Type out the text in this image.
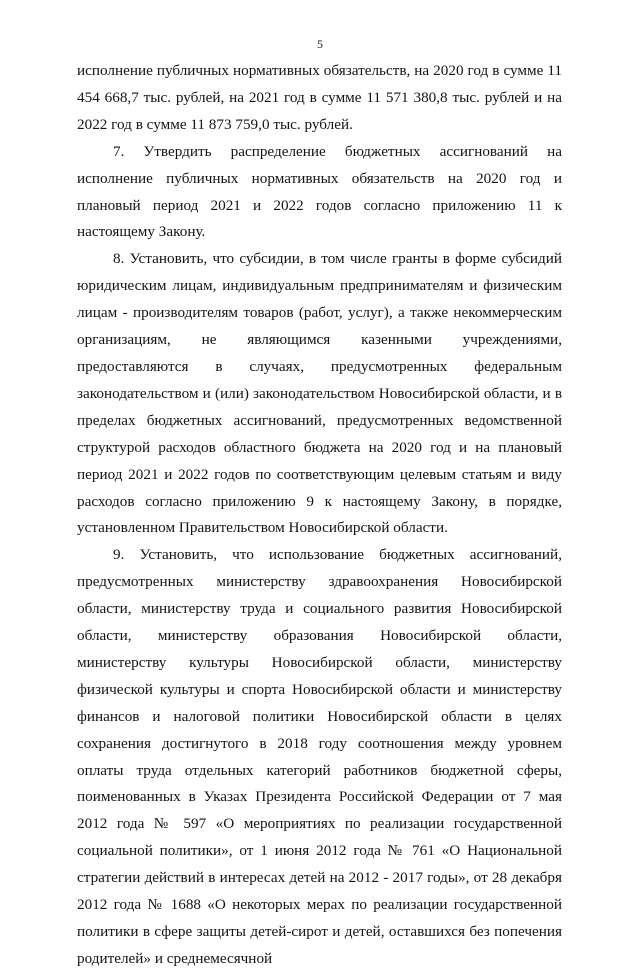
5

исполнение публичных нормативных обязательств, на 2020 год в сумме 11 454 668,7 тыс. рублей, на 2021 год в сумме 11 571 380,8 тыс. рублей и на 2022 год в сумме 11 873 759,0 тыс. рублей.

7. Утвердить распределение бюджетных ассигнований на исполнение публичных нормативных обязательств на 2020 год и плановый период 2021 и 2022 годов согласно приложению 11 к настоящему Закону.

8. Установить, что субсидии, в том числе гранты в форме субсидий юридическим лицам, индивидуальным предпринимателям и физическим лицам - производителям товаров (работ, услуг), а также некоммерческим организациям, не являющимся казенными учреждениями, предоставляются в случаях, предусмотренных федеральным законодательством и (или) законодательством Новосибирской области, и в пределах бюджетных ассигнований, предусмотренных ведомственной структурой расходов областного бюджета на 2020 год и на плановый период 2021 и 2022 годов по соответствующим целевым статьям и виду расходов согласно приложению 9 к настоящему Закону, в порядке, установленном Правительством Новосибирской области.

9. Установить, что использование бюджетных ассигнований, предусмотренных министерству здравоохранения Новосибирской области, министерству труда и социального развития Новосибирской области, министерству образования Новосибирской области, министерству культуры Новосибирской области, министерству физической культуры и спорта Новосибирской области и министерству финансов и налоговой политики Новосибирской области в целях сохранения достигнутого в 2018 году соотношения между уровнем оплаты труда отдельных категорий работников бюджетной сферы, поименованных в Указах Президента Российской Федерации от 7 мая 2012 года № 597 «О мероприятиях по реализации государственной социальной политики», от 1 июня 2012 года № 761 «О Национальной стратегии действий в интересах детей на 2012 - 2017 годы», от 28 декабря 2012 года № 1688 «О некоторых мерах по реализации государственной политики в сфере защиты детей-сирот и детей, оставшихся без попечения родителей» и среднемесячной
